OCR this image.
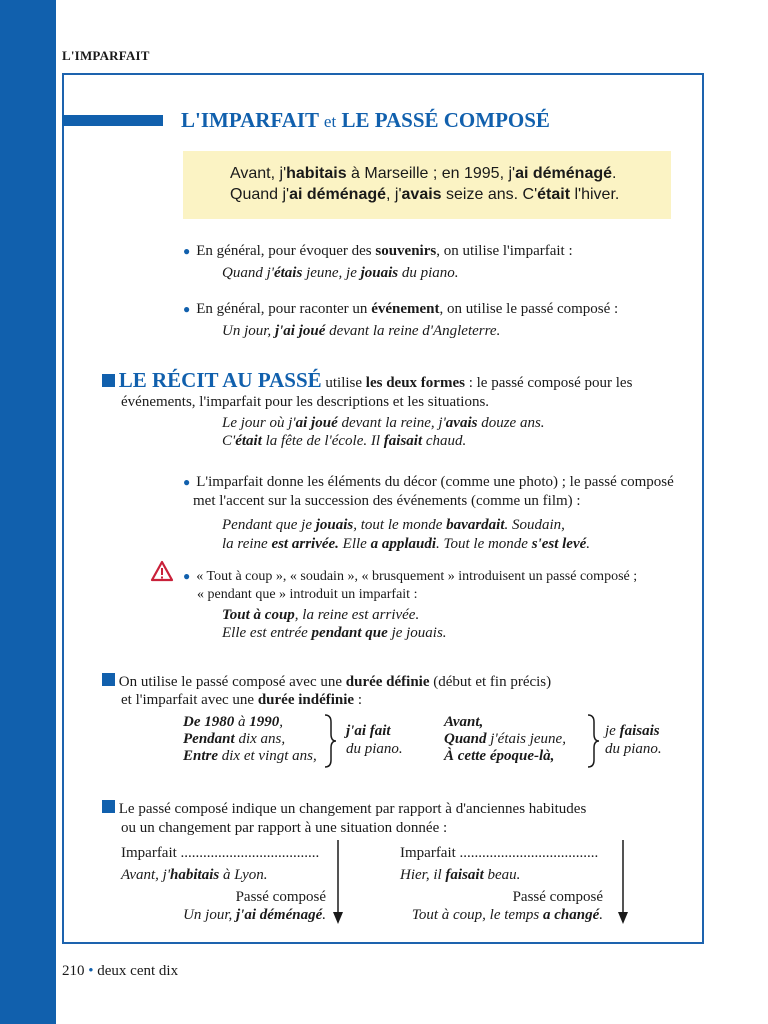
L'IMPARFAIT
L'IMPARFAIT et LE PASSÉ COMPOSÉ
Avant, j'habitais à Marseille ; en 1995, j'ai déménagé.
Quand j'ai déménagé, j'avais seize ans. C'était l'hiver.
● En général, pour évoquer des souvenirs, on utilise l'imparfait :
Quand j'étais jeune, je jouais du piano.
● En général, pour raconter un événement, on utilise le passé composé :
Un jour, j'ai joué devant la reine d'Angleterre.
LE RÉCIT AU PASSÉ utilise les deux formes : le passé composé pour les
événements, l'imparfait pour les descriptions et les situations.
Le jour où j'ai joué devant la reine, j'avais douze ans.
C'était la fête de l'école. Il faisait chaud.
● L'imparfait donne les éléments du décor (comme une photo) ; le passé composé
met l'accent sur la succession des événements (comme un film) :
Pendant que je jouais, tout le monde bavardait. Soudain,
la reine est arrivée. Elle a applaudi. Tout le monde s'est levé.
● « Tout à coup », « soudain », « brusquement » introduisent un passé composé ;
« pendant que » introduit un imparfait :
Tout à coup, la reine est arrivée.
Elle est entrée pendant que je jouais.
On utilise le passé composé avec une durée définie (début et fin précis)
et l'imparfait avec une durée indéfinie :
De 1980 à 1990,
Pendant dix ans,
Entre dix et vingt ans,
j'ai fait
du piano.
Avant,
Quand j'étais jeune,
À cette époque-là,
je faisais
du piano.
Le passé composé indique un changement par rapport à d'anciennes habitudes
ou un changement par rapport à une situation donnée :
Imparfait .....................................
Avant, j'habitais à Lyon.
Passé composé
Un jour, j'ai déménagé.
Imparfait .....................................
Hier, il faisait beau.
Passé composé
Tout à coup, le temps a changé.
210 • deux cent dix
